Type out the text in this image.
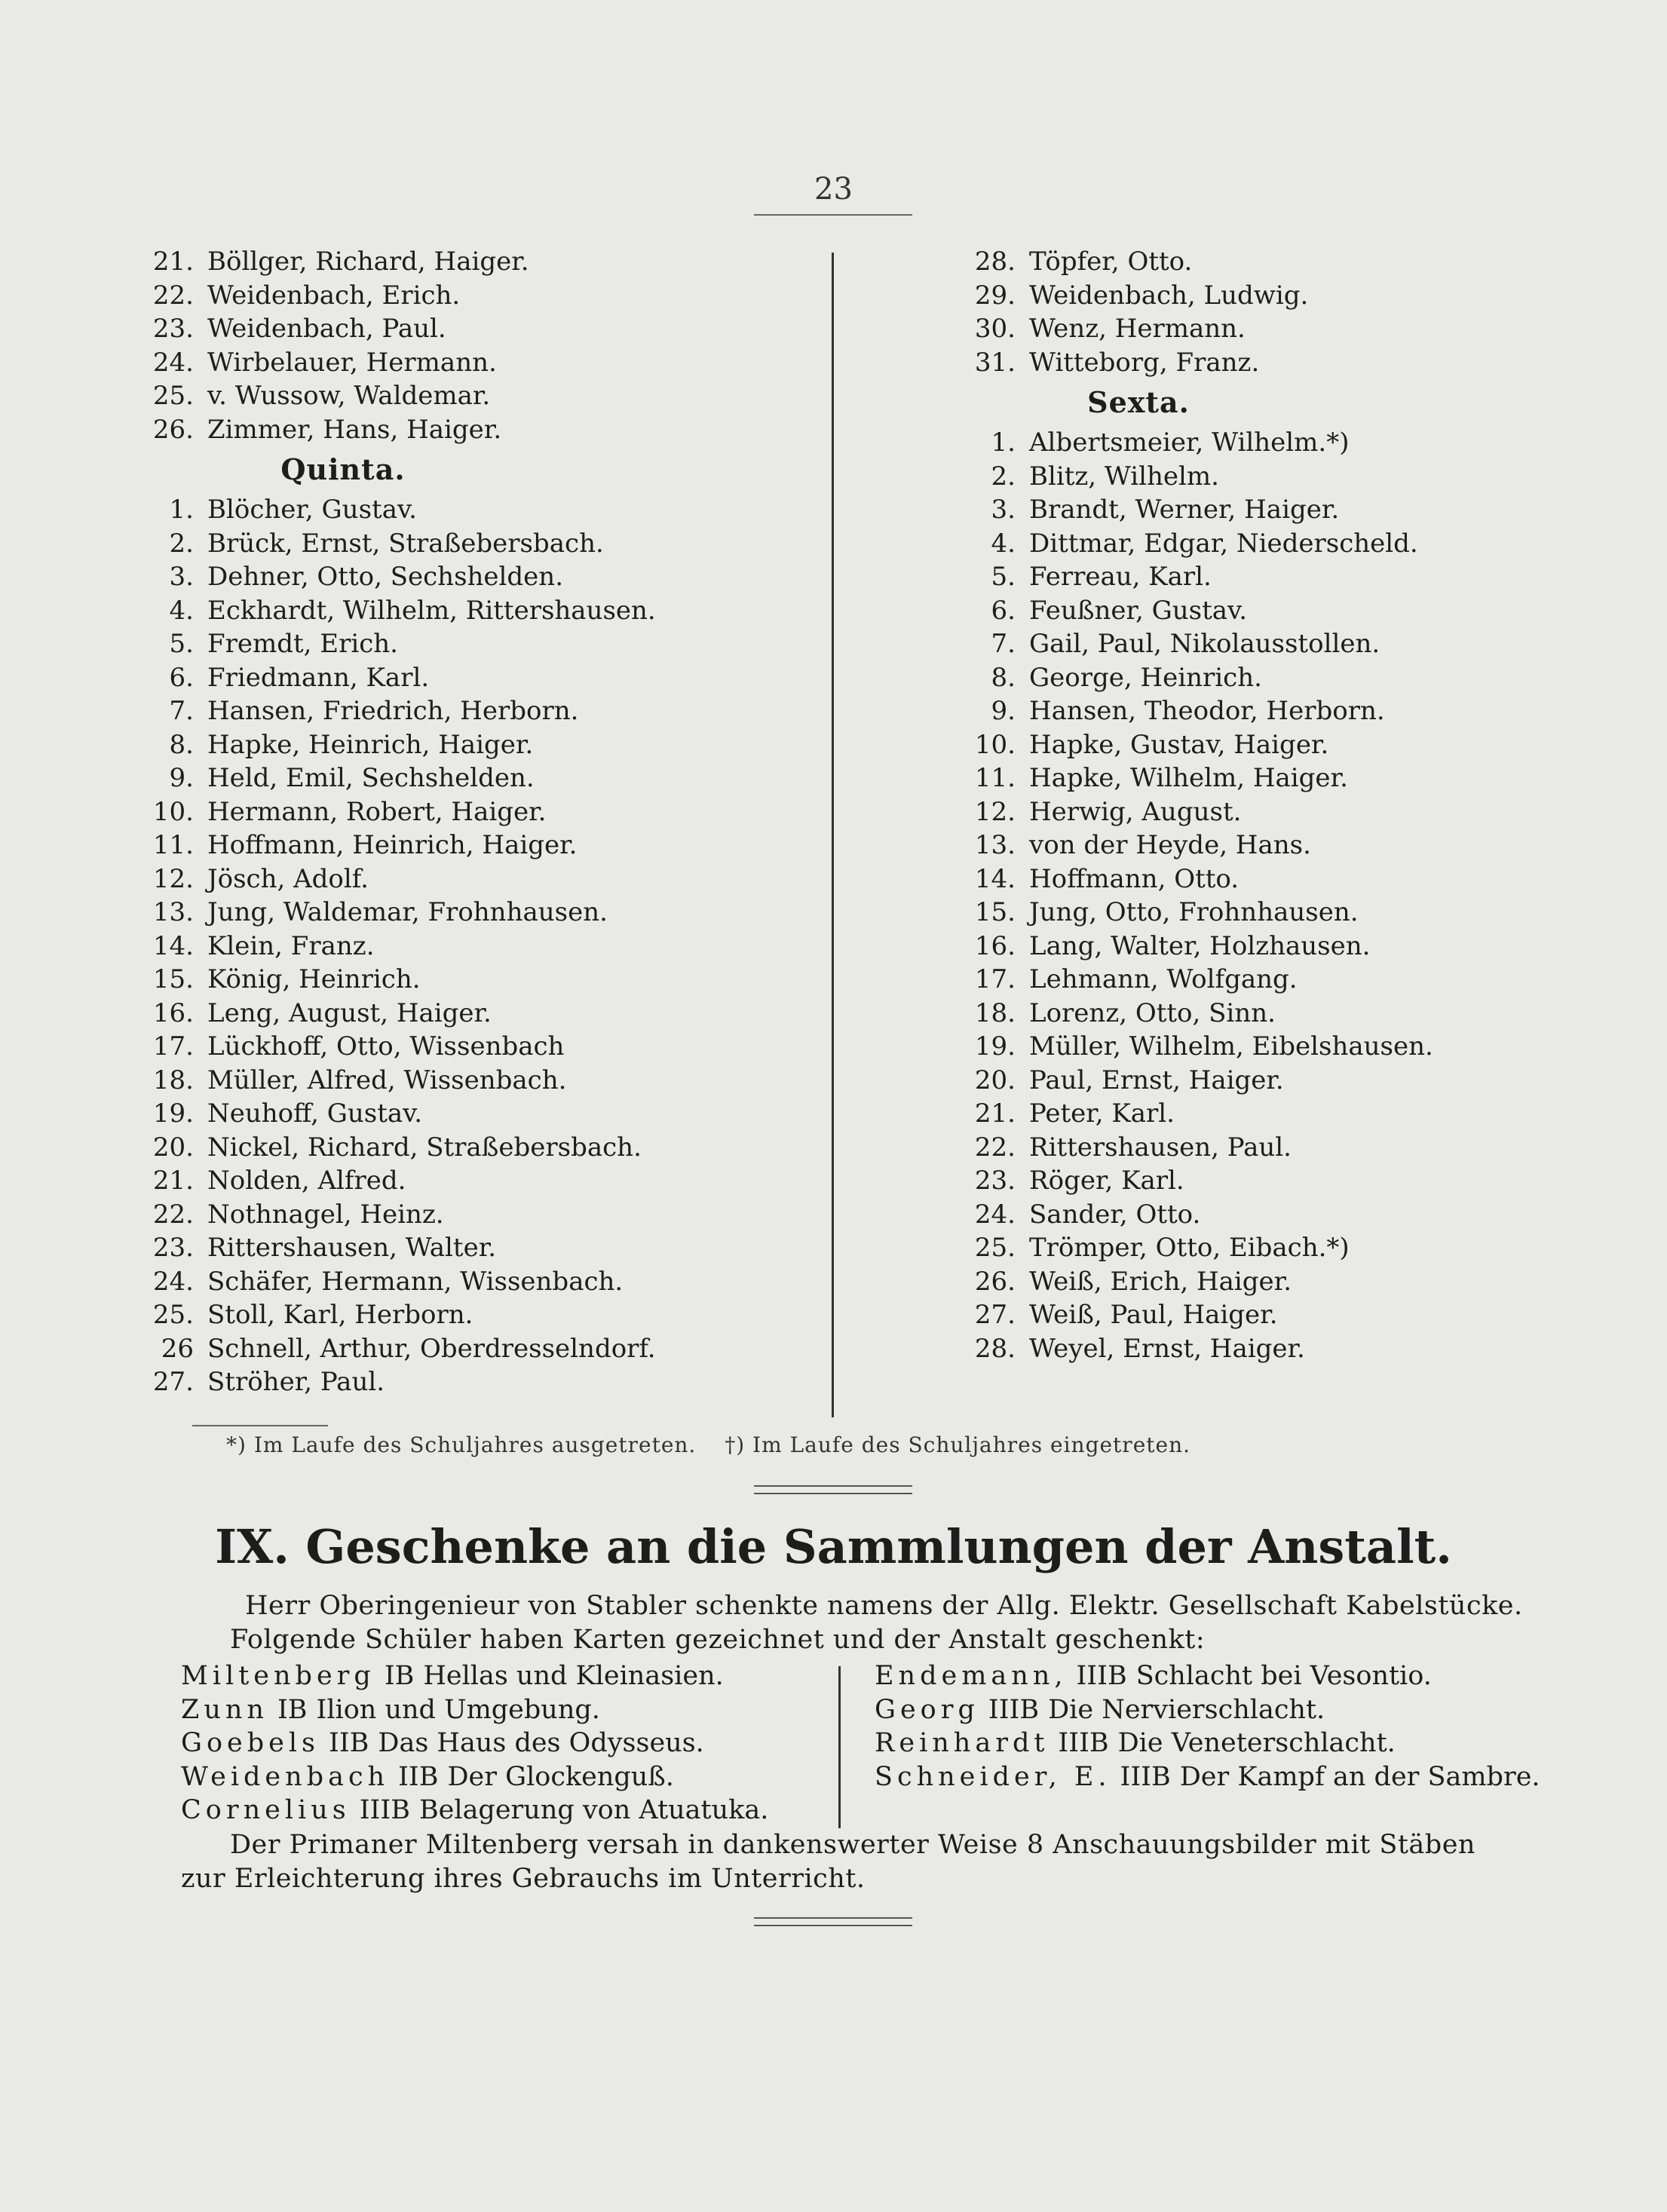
23
21. Böllger, Richard, Haiger.
22. Weidenbach, Erich.
23. Weidenbach, Paul.
24. Wirbelauer, Hermann.
25. v. Wussow, Waldemar.
26. Zimmer, Hans, Haiger.
Quinta.
1. Blöcher, Gustav.
2. Brück, Ernst, Straßebersbach.
3. Dehner, Otto, Sechshelden.
4. Eckhardt, Wilhelm, Rittershausen.
5. Fremdt, Erich.
6. Friedmann, Karl.
7. Hansen, Friedrich, Herborn.
8. Hapke, Heinrich, Haiger.
9. Held, Emil, Sechshelden.
10. Hermann, Robert, Haiger.
11. Hoffmann, Heinrich, Haiger.
12. Jösch, Adolf.
13. Jung, Waldemar, Frohnhausen.
14. Klein, Franz.
15. König, Heinrich.
16. Leng, August, Haiger.
17. Lückhoff, Otto, Wissenbach
18. Müller, Alfred, Wissenbach.
19. Neuhoff, Gustav.
20. Nickel, Richard, Straßebersbach.
21. Nolden, Alfred.
22. Nothnagel, Heinz.
23. Rittershausen, Walter.
24. Schäfer, Hermann, Wissenbach.
25. Stoll, Karl, Herborn.
26 Schnell, Arthur, Oberdresselndorf.
27. Ströher, Paul.
28. Töpfer, Otto.
29. Weidenbach, Ludwig.
30. Wenz, Hermann.
31. Witteborg, Franz.
Sexta.
1. Albertsmeier, Wilhelm.*)
2. Blitz, Wilhelm.
3. Brandt, Werner, Haiger.
4. Dittmar, Edgar, Niederscheld.
5. Ferreau, Karl.
6. Feußner, Gustav.
7. Gail, Paul, Nikolausstollen.
8. George, Heinrich.
9. Hansen, Theodor, Herborn.
10. Hapke, Gustav, Haiger.
11. Hapke, Wilhelm, Haiger.
12. Herwig, August.
13. von der Heyde, Hans.
14. Hoffmann, Otto.
15. Jung, Otto, Frohnhausen.
16. Lang, Walter, Holzhausen.
17. Lehmann, Wolfgang.
18. Lorenz, Otto, Sinn.
19. Müller, Wilhelm, Eibelshausen.
20. Paul, Ernst, Haiger.
21. Peter, Karl.
22. Rittershausen, Paul.
23. Röger, Karl.
24. Sander, Otto.
25. Trömper, Otto, Eibach.*)
26. Weiß, Erich, Haiger.
27. Weiß, Paul, Haiger.
28. Weyel, Ernst, Haiger.
*) Im Laufe des Schuljahres ausgetreten. †) Im Laufe des Schuljahres eingetreten.
IX. Geschenke an die Sammlungen der Anstalt.
Herr Oberingenieur von Stabler schenkte namens der Allg. Elektr. Gesellschaft Kabelstücke.
Folgende Schüler haben Karten gezeichnet und der Anstalt geschenkt:
Miltenberg IB Hellas und Kleinasien.
Zunn IB Ilion und Umgebung.
Goebels IIB Das Haus des Odysseus.
Weidenbach IIB Der Glockenguß.
Cornelius IIIB Belagerung von Atuatuka.
Endemann, IIIB Schlacht bei Vesontio.
Georg IIIB Die Nervierschlacht.
Reinhardt IIIB Die Veneterschlacht.
Schneider, E. IIIB Der Kampf an der Sambre.
Der Primaner Miltenberg versah in dankenswerter Weise 8 Anschauungsbilder mit Stäben
zur Erleichterung ihres Gebrauchs im Unterricht.
